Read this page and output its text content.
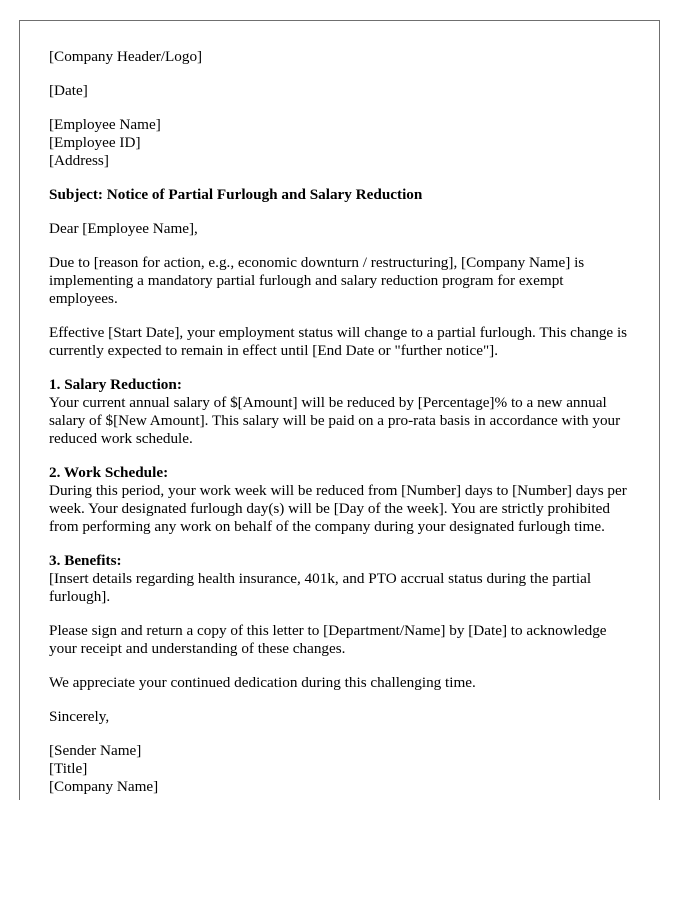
[Company Header/Logo]

[Date]

[Employee Name]
[Employee ID]
[Address]

Subject: Notice of Partial Furlough and Salary Reduction

Dear [Employee Name],

Due to [reason for action, e.g., economic downturn / restructuring], [Company Name] is implementing a mandatory partial furlough and salary reduction program for exempt employees.

Effective [Start Date], your employment status will change to a partial furlough. This change is currently expected to remain in effect until [End Date or "further notice"].

1. Salary Reduction:
Your current annual salary of $[Amount] will be reduced by [Percentage]% to a new annual salary of $[New Amount]. This salary will be paid on a pro-rata basis in accordance with your reduced work schedule.

2. Work Schedule:
During this period, your work week will be reduced from [Number] days to [Number] days per week. Your designated furlough day(s) will be [Day of the week]. You are strictly prohibited from performing any work on behalf of the company during your designated furlough time.

3. Benefits:
[Insert details regarding health insurance, 401k, and PTO accrual status during the partial furlough].

Please sign and return a copy of this letter to [Department/Name] by [Date] to acknowledge your receipt and understanding of these changes.

We appreciate your continued dedication during this challenging time.

Sincerely,

[Sender Name]
[Title]
[Company Name]
